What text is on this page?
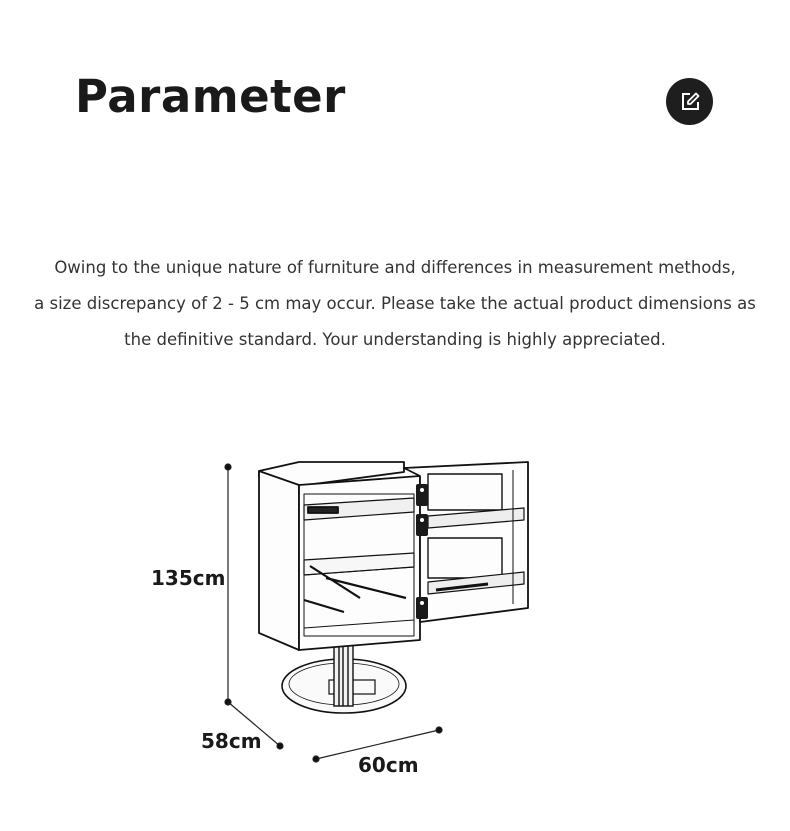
Parameter

Owing to the unique nature of furniture and differences in measurement methods,

a size discrepancy of 2 - 5 cm may occur. Please take the actual product dimensions as

the definitive standard. Your understanding is highly appreciated.

135cm
58cm
60cm
